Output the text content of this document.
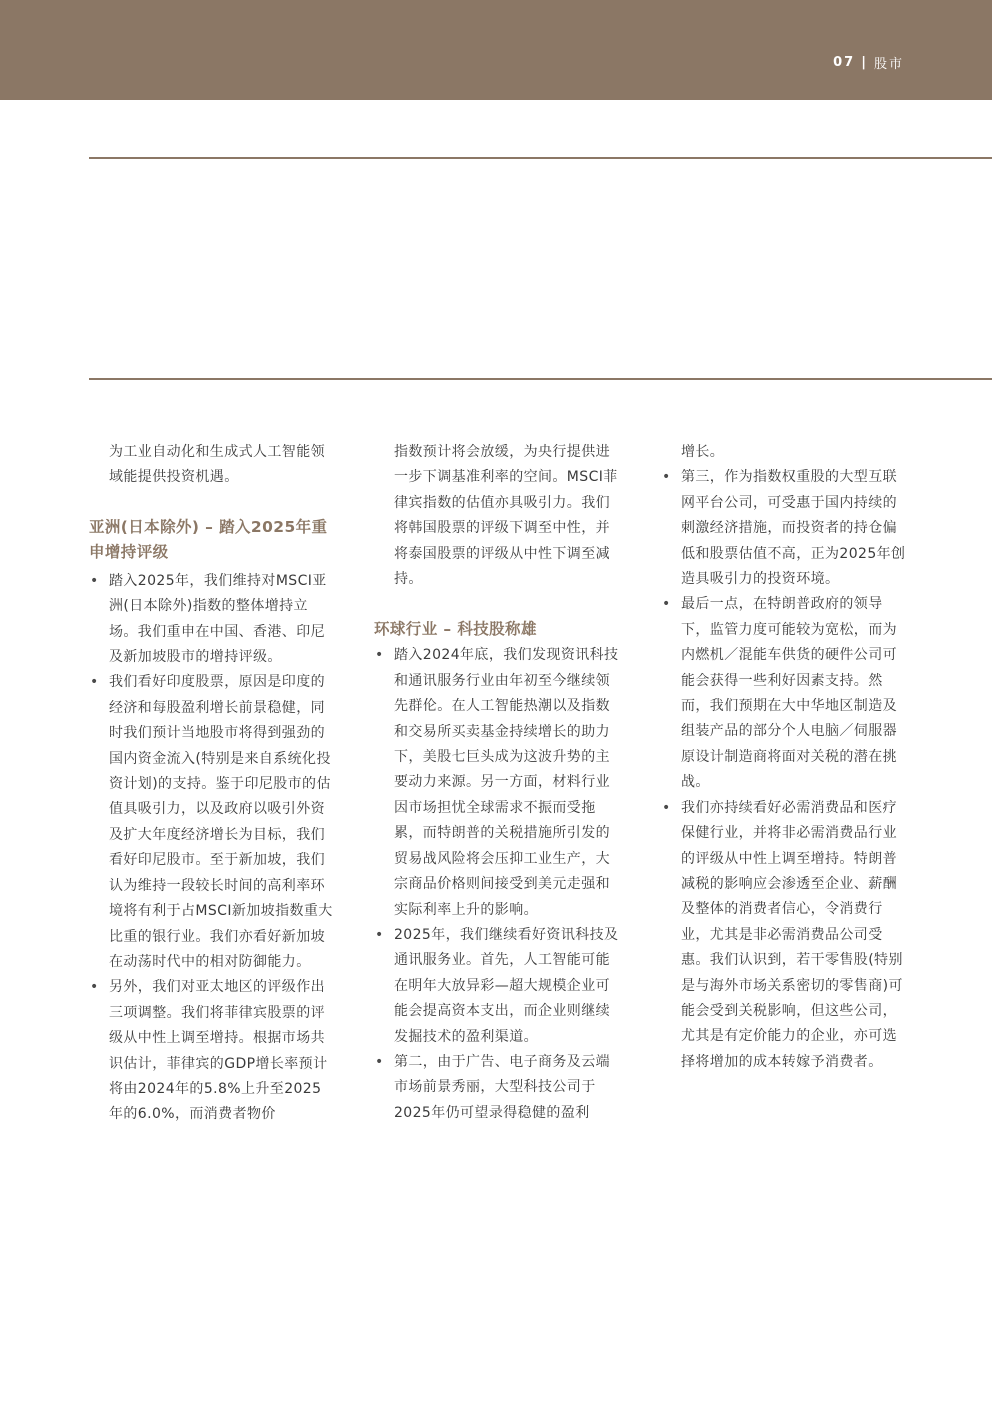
07 | 股市

为工业自动化和生成式人工智能领域能提供投资机遇。

亚洲(日本除外) – 踏入2025年重申增持评级

• 踏入2025年，我们维持对MSCI亚洲(日本除外)指数的整体增持立场。我们重申在中国、香港、印尼及新加坡股市的增持评级。
• 我们看好印度股票，原因是印度的经济和每股盈利增长前景稳健，同时我们预计当地股市将得到强劲的国内资金流入(特别是来自系统化投资计划)的支持。鉴于印尼股市的估值具吸引力，以及政府以吸引外资及扩大年度经济增长为目标，我们看好印尼股市。至于新加坡，我们认为维持一段较长时间的高利率环境将有利于占MSCI新加坡指数重大比重的银行业。我们亦看好新加坡在动荡时代中的相对防御能力。
• 另外，我们对亚太地区的评级作出三项调整。我们将菲律宾股票的评级从中性上调至增持。根据市场共识估计，菲律宾的GDP增长率预计将由2024年的5.8%上升至2025年的6.0%，而消费者物价

指数预计将会放缓，为央行提供进一步下调基准利率的空间。MSCI菲律宾指数的估值亦具吸引力。我们将韩国股票的评级下调至中性，并将泰国股票的评级从中性下调至减持。

环球行业 – 科技股称雄

• 踏入2024年底，我们发现资讯科技和通讯服务行业由年初至今继续领先群伦。在人工智能热潮以及指数和交易所买卖基金持续增长的助力下，美股七巨头成为这波升势的主要动力来源。另一方面，材料行业因市场担忧全球需求不振而受拖累，而特朗普的关税措施所引发的贸易战风险将会压抑工业生产，大宗商品价格则间接受到美元走强和实际利率上升的影响。
• 2025年，我们继续看好资讯科技及通讯服务业。首先，人工智能可能在明年大放异彩—超大规模企业可能会提高资本支出，而企业则继续发掘技术的盈利渠道。
• 第二，由于广告、电子商务及云端市场前景秀丽，大型科技公司于2025年仍可望录得稳健的盈利

增长。

• 第三，作为指数权重股的大型互联网平台公司，可受惠于国内持续的刺激经济措施，而投资者的持仓偏低和股票估值不高，正为2025年创造具吸引力的投资环境。
• 最后一点，在特朗普政府的领导下，监管力度可能较为宽松，而为内燃机／混能车供货的硬件公司可能会获得一些利好因素支持。然而，我们预期在大中华地区制造及组装产品的部分个人电脑／伺服器原设计制造商将面对关税的潜在挑战。
• 我们亦持续看好必需消费品和医疗保健行业，并将非必需消费品行业的评级从中性上调至增持。特朗普减税的影响应会渗透至企业、薪酬及整体的消费者信心，令消费行业，尤其是非必需消费品公司受惠。我们认识到，若干零售股(特别是与海外市场关系密切的零售商)可能会受到关税影响，但这些公司，尤其是有定价能力的企业，亦可选择将增加的成本转嫁予消费者。
